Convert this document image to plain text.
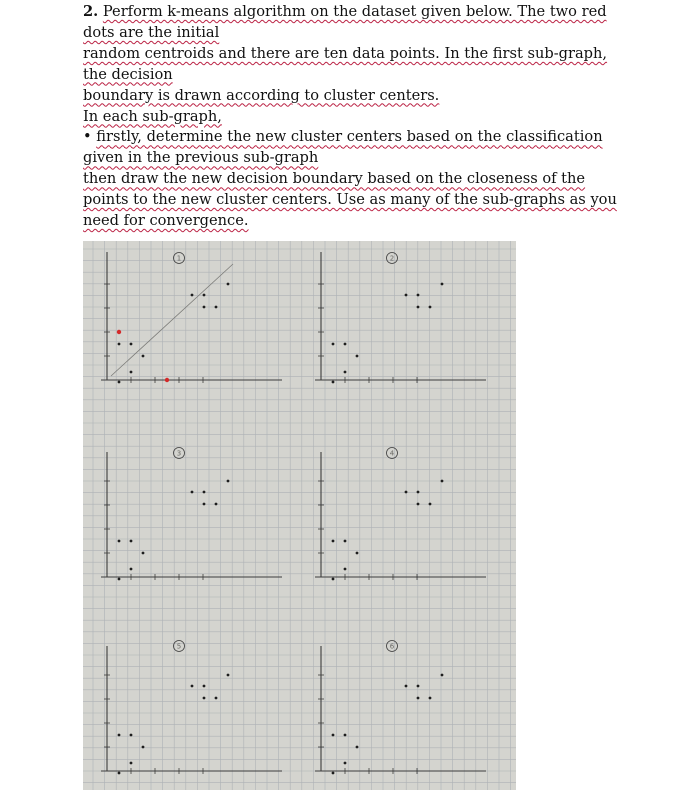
2. Perform k-means algorithm on the dataset given below. The two red
dots are the initial
random centroids and there are ten data points. In the first sub-graph,
the decision
boundary is drawn according to cluster centers.
In each sub-graph,
• firstly, determine the new cluster centers based on the classification
given in the previous sub-graph
then draw the new decision boundary based on the closeness of the
points to the new cluster centers. Use as many of the sub-graphs as you
need for convergence.
1	2
3	4
5	6
